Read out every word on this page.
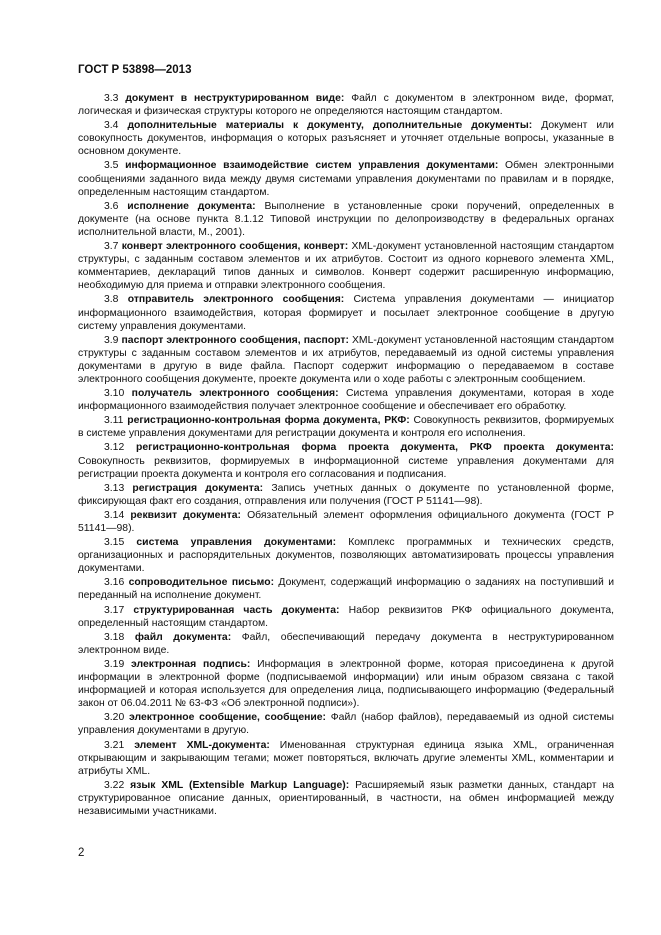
ГОСТ Р 53898—2013

3.3 документ в неструктурированном виде: Файл с документом в электронном виде, формат, логическая и физическая структуры которого не определяются настоящим стандартом.

3.4 дополнительные материалы к документу, дополнительные документы: Документ или совокупность документов, информация о которых разъясняет и уточняет отдельные вопросы, указанные в основном документе.

3.5 информационное взаимодействие систем управления документами: Обмен электронными сообщениями заданного вида между двумя системами управления документами по правилам и в порядке, определенным настоящим стандартом.

3.6 исполнение документа: Выполнение в установленные сроки поручений, определенных в документе (на основе пункта 8.1.12 Типовой инструкции по делопроизводству в федеральных органах исполнительной власти, М., 2001).

3.7 конверт электронного сообщения, конверт: XML-документ установленной настоящим стандартом структуры, с заданным составом элементов и их атрибутов. Состоит из одного корневого элемента XML, комментариев, деклараций типов данных и символов. Конверт содержит расширенную информацию, необходимую для приема и отправки электронного сообщения.

3.8 отправитель электронного сообщения: Система управления документами — инициатор информационного взаимодействия, которая формирует и посылает электронное сообщение в другую систему управления документами.

3.9 паспорт электронного сообщения, паспорт: XML-документ установленной настоящим стандартом структуры с заданным составом элементов и их атрибутов, передаваемый из одной системы управления документами в другую в виде файла. Паспорт содержит информацию о передаваемом в составе электронного сообщения документе, проекте документа или о ходе работы с электронным сообщением.

3.10 получатель электронного сообщения: Система управления документами, которая в ходе информационного взаимодействия получает электронное сообщение и обеспечивает его обработку.

3.11 регистрационно-контрольная форма документа, РКФ: Совокупность реквизитов, формируемых в системе управления документами для регистрации документа и контроля его исполнения.

3.12 регистрационно-контрольная форма проекта документа, РКФ проекта документа: Совокупность реквизитов, формируемых в информационной системе управления документами для регистрации проекта документа и контроля его согласования и подписания.

3.13 регистрация документа: Запись учетных данных о документе по установленной форме, фиксирующая факт его создания, отправления или получения (ГОСТ Р 51141—98).

3.14 реквизит документа: Обязательный элемент оформления официального документа (ГОСТ Р 51141—98).

3.15 система управления документами: Комплекс программных и технических средств, организационных и распорядительных документов, позволяющих автоматизировать процессы управления документами.

3.16 сопроводительное письмо: Документ, содержащий информацию о заданиях на поступивший и переданный на исполнение документ.

3.17 структурированная часть документа: Набор реквизитов РКФ официального документа, определенный настоящим стандартом.

3.18 файл документа: Файл, обеспечивающий передачу документа в неструктурированном электронном виде.

3.19 электронная подпись: Информация в электронной форме, которая присоединена к другой информации в электронной форме (подписываемой информации) или иным образом связана с такой информацией и которая используется для определения лица, подписывающего информацию (Федеральный закон от 06.04.2011 № 63-ФЗ «Об электронной подписи»).

3.20 электронное сообщение, сообщение: Файл (набор файлов), передаваемый из одной системы управления документами в другую.

3.21 элемент XML-документа: Именованная структурная единица языка XML, ограниченная открывающим и закрывающим тегами; может повторяться, включать другие элементы XML, комментарии и атрибуты XML.

3.22 язык XML (Extensible Markup Language): Расширяемый язык разметки данных, стандарт на структурированное описание данных, ориентированный, в частности, на обмен информацией между независимыми участниками.

2
